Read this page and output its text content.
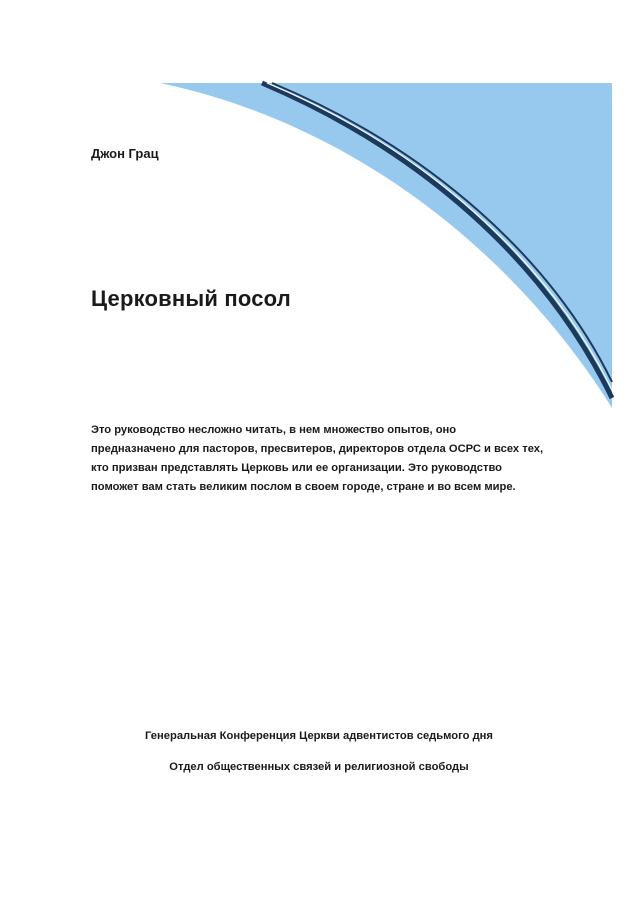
Джон Грац
Церковный посол
Это руководство несложно читать, в нем множество опытов, оно
предназначено для пасторов, пресвитеров, директоров отдела ОСРС и всех тех,
кто призван представлять Церковь или ее организации. Это руководство
поможет вам стать великим послом в своем городе, стране и во всем мире.
Генеральная Конференция Церкви адвентистов седьмого дня
Отдел общественных связей и религиозной свободы
